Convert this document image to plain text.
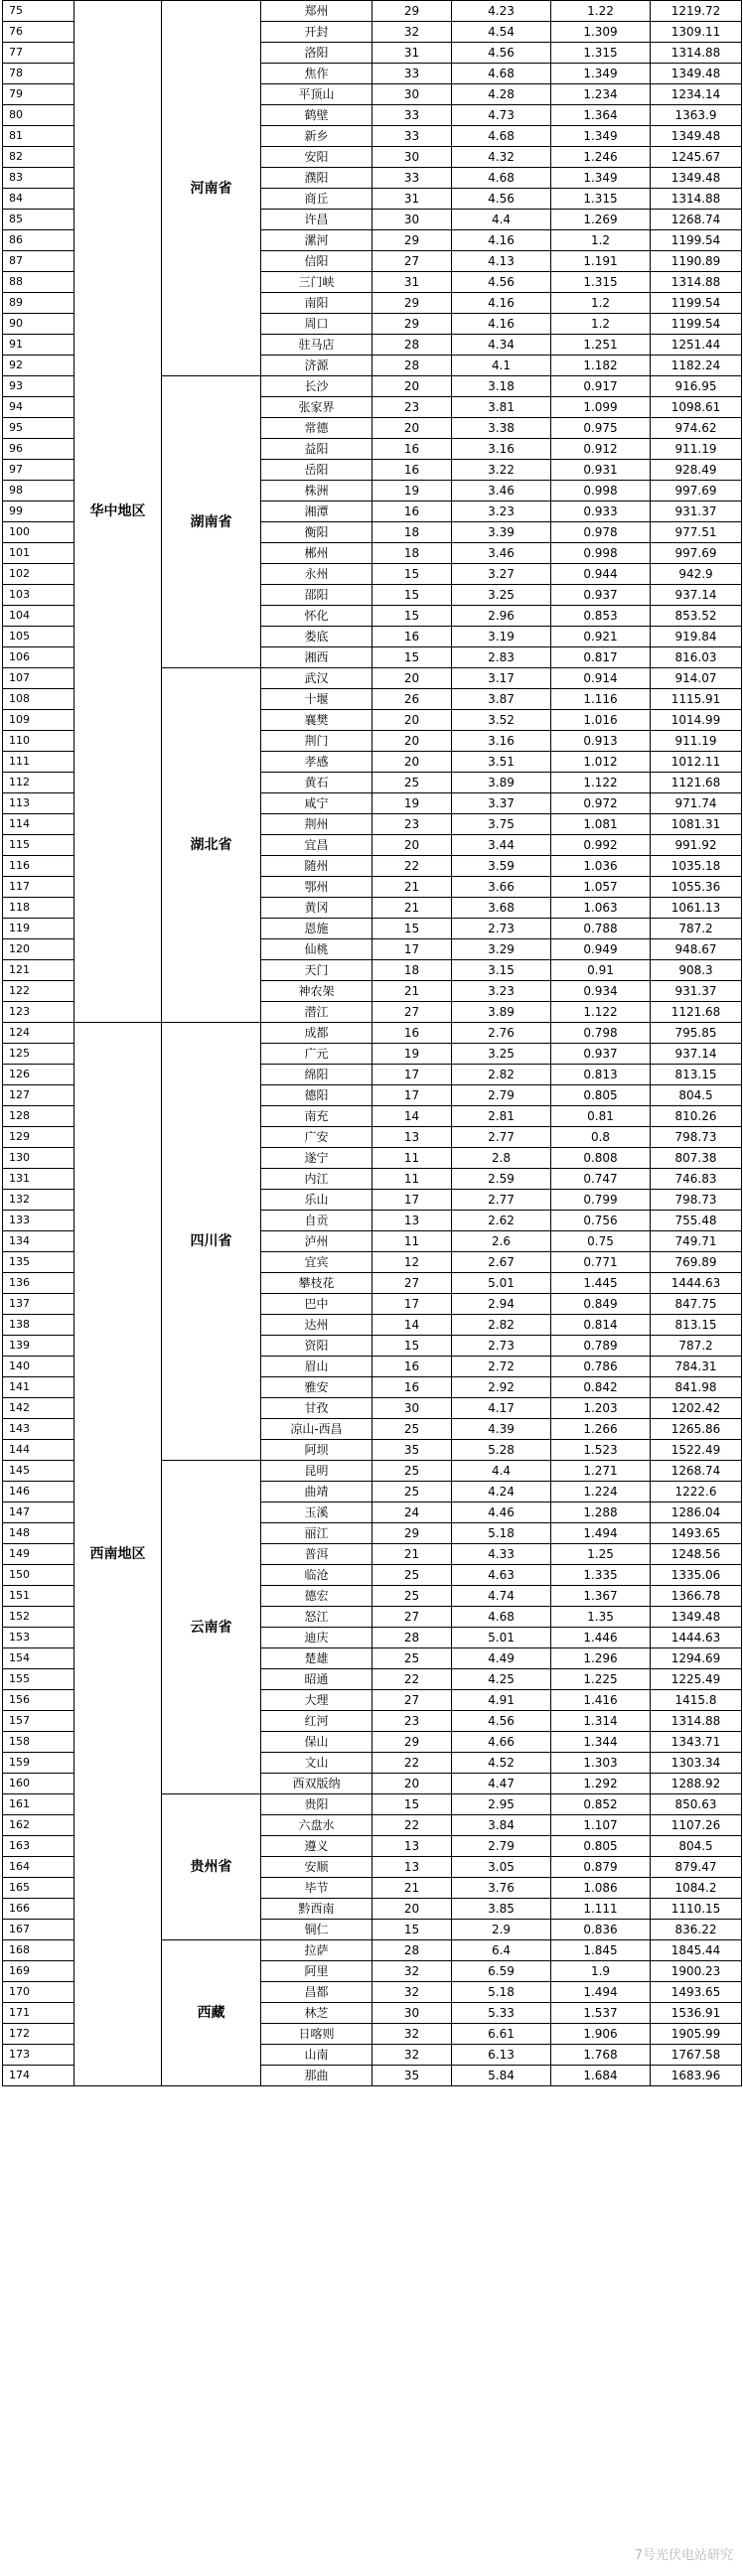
75	华中地区	河南省	郑州	29	4.23	1.22	1219.72
76			开封	32	4.54	1.309	1309.11
77			洛阳	31	4.56	1.315	1314.88
78			焦作	33	4.68	1.349	1349.48
79			平顶山	30	4.28	1.234	1234.14
80			鹤壁	33	4.73	1.364	1363.9
81			新乡	33	4.68	1.349	1349.48
82			安阳	30	4.32	1.246	1245.67
83			濮阳	33	4.68	1.349	1349.48
84			商丘	31	4.56	1.315	1314.88
85			许昌	30	4.4	1.269	1268.74
86			漯河	29	4.16	1.2	1199.54
87			信阳	27	4.13	1.191	1190.89
88			三门峡	31	4.56	1.315	1314.88
89			南阳	29	4.16	1.2	1199.54
90			周口	29	4.16	1.2	1199.54
91			驻马店	28	4.34	1.251	1251.44
92			济源	28	4.1	1.182	1182.24
93		湖南省	长沙	20	3.18	0.917	916.95
94			张家界	23	3.81	1.099	1098.61
95			常德	20	3.38	0.975	974.62
96			益阳	16	3.16	0.912	911.19
97			岳阳	16	3.22	0.931	928.49
98			株洲	19	3.46	0.998	997.69
99			湘潭	16	3.23	0.933	931.37
100			衡阳	18	3.39	0.978	977.51
101			郴州	18	3.46	0.998	997.69
102			永州	15	3.27	0.944	942.9
103			邵阳	15	3.25	0.937	937.14
104			怀化	15	2.96	0.853	853.52
105			娄底	16	3.19	0.921	919.84
106			湘西	15	2.83	0.817	816.03
107		湖北省	武汉	20	3.17	0.914	914.07
108			十堰	26	3.87	1.116	1115.91
109			襄樊	20	3.52	1.016	1014.99
110			荆门	20	3.16	0.913	911.19
111			孝感	20	3.51	1.012	1012.11
112			黄石	25	3.89	1.122	1121.68
113			咸宁	19	3.37	0.972	971.74
114			荆州	23	3.75	1.081	1081.31
115			宜昌	20	3.44	0.992	991.92
116			随州	22	3.59	1.036	1035.18
117			鄂州	21	3.66	1.057	1055.36
118			黄冈	21	3.68	1.063	1061.13
119			恩施	15	2.73	0.788	787.2
120			仙桃	17	3.29	0.949	948.67
121			天门	18	3.15	0.91	908.3
122			神农架	21	3.23	0.934	931.37
123			潜江	27	3.89	1.122	1121.68
124	西南地区	四川省	成都	16	2.76	0.798	795.85
125			广元	19	3.25	0.937	937.14
126			绵阳	17	2.82	0.813	813.15
127			德阳	17	2.79	0.805	804.5
128			南充	14	2.81	0.81	810.26
129			广安	13	2.77	0.8	798.73
130			遂宁	11	2.8	0.808	807.38
131			内江	11	2.59	0.747	746.83
132			乐山	17	2.77	0.799	798.73
133			自贡	13	2.62	0.756	755.48
134			泸州	11	2.6	0.75	749.71
135			宜宾	12	2.67	0.771	769.89
136			攀枝花	27	5.01	1.445	1444.63
137			巴中	17	2.94	0.849	847.75
138			达州	14	2.82	0.814	813.15
139			资阳	15	2.73	0.789	787.2
140			眉山	16	2.72	0.786	784.31
141			雅安	16	2.92	0.842	841.98
142			甘孜	30	4.17	1.203	1202.42
143			凉山-西昌	25	4.39	1.266	1265.86
144			阿坝	35	5.28	1.523	1522.49
145		云南省	昆明	25	4.4	1.271	1268.74
146			曲靖	25	4.24	1.224	1222.6
147			玉溪	24	4.46	1.288	1286.04
148			丽江	29	5.18	1.494	1493.65
149			普洱	21	4.33	1.25	1248.56
150			临沧	25	4.63	1.335	1335.06
151			德宏	25	4.74	1.367	1366.78
152			怒江	27	4.68	1.35	1349.48
153			迪庆	28	5.01	1.446	1444.63
154			楚雄	25	4.49	1.296	1294.69
155			昭通	22	4.25	1.225	1225.49
156			大理	27	4.91	1.416	1415.8
157			红河	23	4.56	1.314	1314.88
158			保山	29	4.66	1.344	1343.71
159			文山	22	4.52	1.303	1303.34
160			西双版纳	20	4.47	1.292	1288.92
161		贵州省	贵阳	15	2.95	0.852	850.63
162			六盘水	22	3.84	1.107	1107.26
163			遵义	13	2.79	0.805	804.5
164			安顺	13	3.05	0.879	879.47
165			毕节	21	3.76	1.086	1084.2
166			黔西南	20	3.85	1.111	1110.15
167			铜仁	15	2.9	0.836	836.22
168		西藏	拉萨	28	6.4	1.845	1845.44
169			阿里	32	6.59	1.9	1900.23
170			昌都	32	5.18	1.494	1493.65
171			林芝	30	5.33	1.537	1536.91
172			日喀则	32	6.61	1.906	1905.99
173			山南	32	6.13	1.768	1767.58
174			那曲	35	5.84	1.684	1683.96
7号光伏电站研究
